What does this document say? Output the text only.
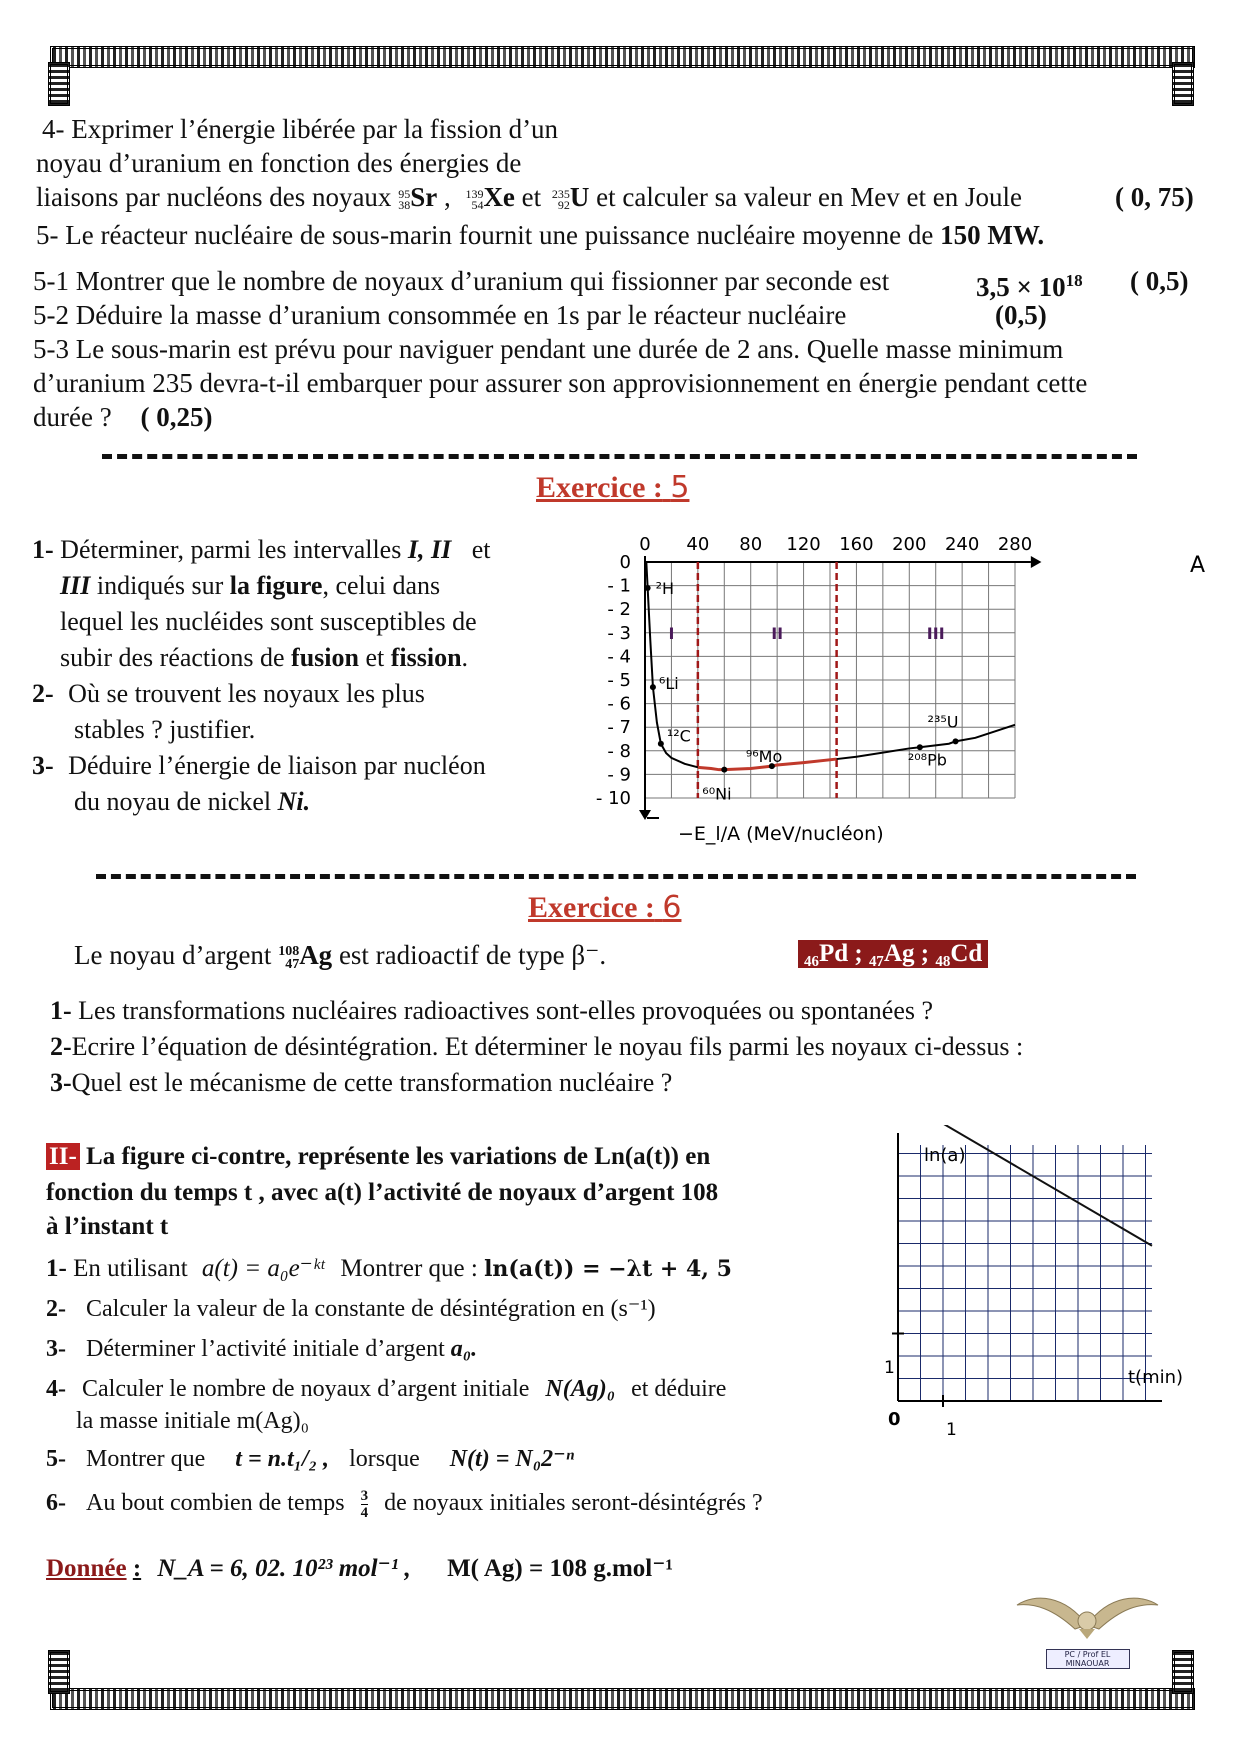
4- Exprimer l’énergie libérée par la fission d’un
noyau d’uranium en fonction des énergies de
liaisons par nucléons des noyaux 95
38 Sr , 139
54 Xe et 235
92 U et calculer sa valeur en Mev et en Joule	( 0, 75)
5- Le réacteur nucléaire de sous-marin fournit une puissance nucléaire moyenne de 150 MW.
5-1 Montrer que le nombre de noyaux d’uranium qui fissionner par seconde est	$3,5 \times 10^{18}$ ( 0,5)
5-2 Déduire la masse d’uranium consommée en 1s par le réacteur nucléaire	(0,5)
5-3 Le sous-marin est prévu pour naviguer pendant une durée de 2 ans. Quelle masse minimum
d’uranium 235 devra-t-il embarquer pour assurer son approvisionnement en énergie pendant cette
durée ? ( 0,25)
Exercice : 5
1- Déterminer, parmi les intervalles I, II et
III indiqués sur la figure, celui dans
lequel les nucléides sont susceptibles de
subir des réactions de fusion et fission.
2- Où se trouvent les noyaux les plus
stables ? justifier.
3- Déduire l’énergie de liaison par nucléon
du noyau de nickel Ni.
0 40 80 120 160 200 240 280
0
- 1
- 2
- 3
- 4
- 5
- 6
- 7
- 8
- 9
- 10
I	II	III
²H
⁶Li
¹²C
⁶⁰Ni
⁹⁶Mo	²⁰⁸Pb
²³⁵U
A
−E_l/A (MeV/nucléon)
Exercice : 6
Le noyau d’argent 108
47 Ag est radioactif de type β⁻.	₄₆Pd ; ₄₇Ag ; ₄₈Cd
1- Les transformations nucléaires radioactives sont-elles provoquées ou spontanées ?
2-Ecrire l’équation de désintégration. Et déterminer le noyau fils parmi les noyaux ci-dessus :
3-Quel est le mécanisme de cette transformation nucléaire ?
II- La figure ci-contre, représente les variations de Ln(a(t)) en
fonction du temps t , avec a(t) l’activité de noyaux d’argent 108
à l’instant t
1- En utilisant a(t) = a₀e⁻ᵏᵗ Montrer que : ln(a(t)) = −λt + 4, 5
2- Calculer la valeur de la constante de désintégration en (s⁻¹)
3- Déterminer l’activité initiale d’argent a₀.
4- Calculer le nombre de noyaux d’argent initiale N(Ag)₀ et déduire
la masse initiale m(Ag)₀
5- Montrer que t = n.t₁/₂ , lorsque N(t) = N₀2⁻ⁿ
6- Au bout combien de temps $\frac{3}{4}$ de noyaux initiales seront-désintégrés ?
Donnée : N_A = 6, 02. 10²³ mol⁻¹ , M( Ag) = 108 g.mol⁻¹
ln(a)
t(min)
1
1
0
PC / Prof EL MINAOUAR
